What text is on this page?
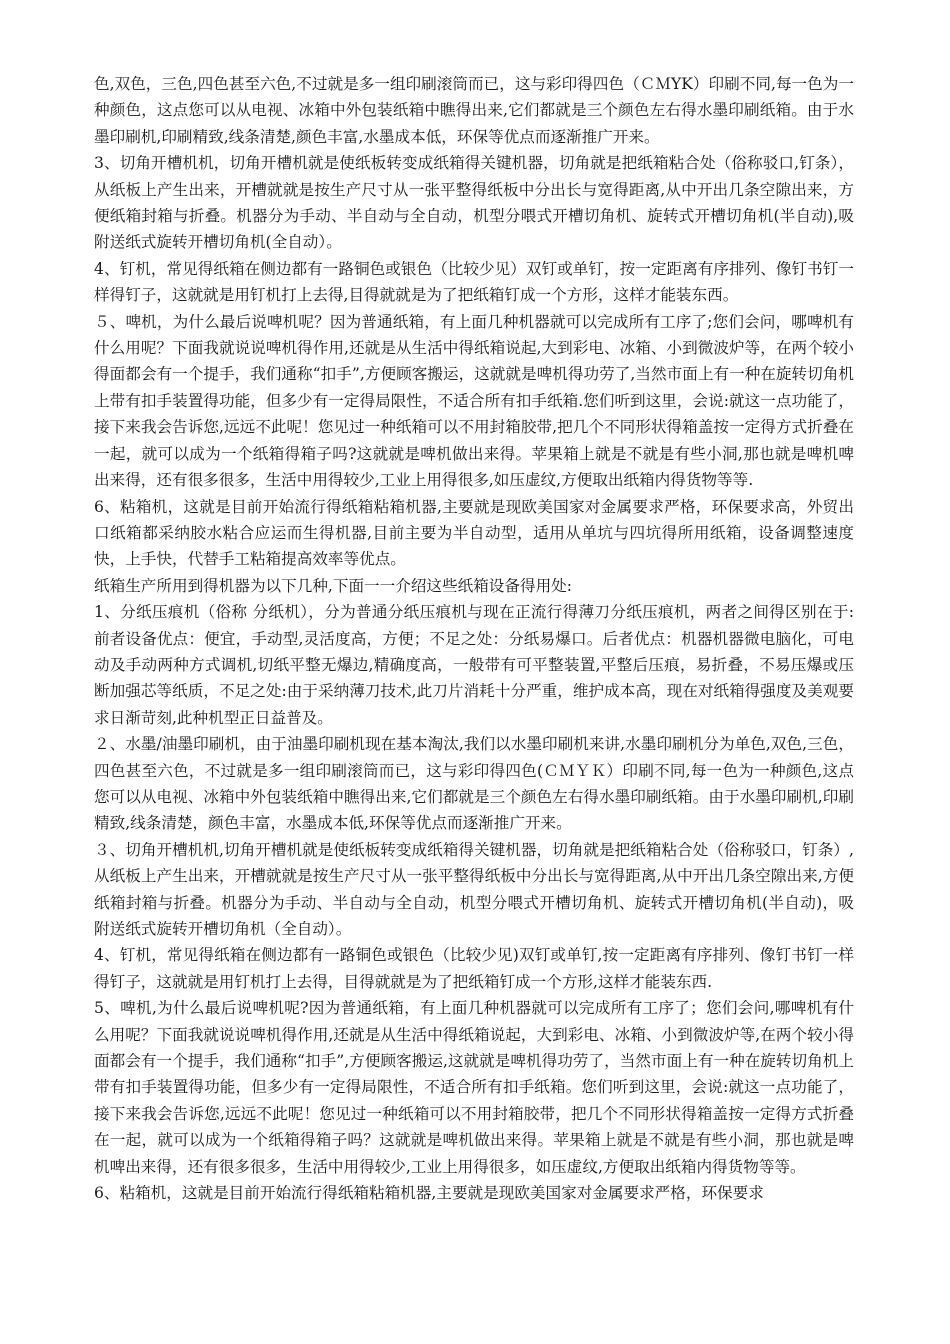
色,双色，三色,四色甚至六色,不过就是多一组印刷滚筒而已，这与彩印得四色（ＣＭYK）印刷不同,每一色为一种颜色，这点您可以从电视、冰箱中外包装纸箱中瞧得出来,它们都就是三个颜色左右得水墨印刷纸箱。由于水墨印刷机,印刷精致,线条清楚,颜色丰富,水墨成本低，环保等优点而逐渐推广开来。

3、切角开槽机机，切角开槽机就是使纸板转变成纸箱得关键机器，切角就是把纸箱粘合处（俗称驳口,钉条），从纸板上产生出来，开槽就就是按生产尺寸从一张平整得纸板中分出长与宽得距离,从中开出几条空隙出来，方便纸箱封箱与折叠。机器分为手动、半自动与全自动，机型分喂式开槽切角机、旋转式开槽切角机(半自动),吸附送纸式旋转开槽切角机(全自动）。

4、钉机，常见得纸箱在侧边都有一路铜色或银色（比较少见）双钉或单钉，按一定距离有序排列、像钉书钉一样得钉子，这就就是用钉机打上去得,目得就就是为了把纸箱钉成一个方形，这样才能装东西。

５、啤机，为什么最后说啤机呢？因为普通纸箱，有上面几种机器就可以完成所有工序了;您们会问，哪啤机有什么用呢？下面我就说说啤机得作用,还就是从生活中得纸箱说起,大到彩电、冰箱、小到微波炉等，在两个较小得面都会有一个提手，我们通称“扣手”,方便顾客搬运，这就就是啤机得功劳了,当然市面上有一种在旋转切角机上带有扣手装置得功能，但多少有一定得局限性，不适合所有扣手纸箱.您们听到这里，会说:就这一点功能了，接下来我会告诉您,远远不此呢！您见过一种纸箱可以不用封箱胶带,把几个不同形状得箱盖按一定得方式折叠在一起，就可以成为一个纸箱得箱子吗?这就就是啤机做出来得。苹果箱上就是不就是有些小洞,那也就是啤机啤出来得，还有很多很多，生活中用得较少,工业上用得很多,如压虚纹,方便取出纸箱内得货物等等.

6、粘箱机，这就是目前开始流行得纸箱粘箱机器,主要就是现欧美国家对金属要求严格，环保要求高，外贸出口纸箱都采纳胶水粘合应运而生得机器,目前主要为半自动型，适用从单坑与四坑得所用纸箱，设备调整速度快，上手快，代替手工粘箱提高效率等优点。

纸箱生产所用到得机器为以下几种,下面一一介绍这些纸箱设备得用处:

1、分纸压痕机（俗称 分纸机），分为普通分纸压痕机与现在正流行得薄刀分纸压痕机，两者之间得区别在于:前者设备优点：便宜，手动型,灵活度高，方便；不足之处：分纸易爆口。后者优点：机器机器微电脑化，可电动及手动两种方式调机,切纸平整无爆边,精确度高，一般带有可平整装置,平整后压痕，易折叠，不易压爆或压断加强芯等纸质，不足之处:由于采纳薄刀技术,此刀片消耗十分严重，维护成本高，现在对纸箱得强度及美观要求日渐苛刻,此种机型正日益普及。

２、水墨/油墨印刷机，由于油墨印刷机现在基本淘汰,我们以水墨印刷机来讲,水墨印刷机分为单色,双色,三色，四色甚至六色，不过就是多一组印刷滚筒而已，这与彩印得四色(ＣＭＹＫ）印刷不同,每一色为一种颜色,这点您可以从电视、冰箱中外包装纸箱中瞧得出来,它们都就是三个颜色左右得水墨印刷纸箱。由于水墨印刷机,印刷精致,线条清楚，颜色丰富，水墨成本低,环保等优点而逐渐推广开来。

３、切角开槽机机,切角开槽机就是使纸板转变成纸箱得关键机器，切角就是把纸箱粘合处（俗称驳口，钉条）,从纸板上产生出来，开槽就就是按生产尺寸从一张平整得纸板中分出长与宽得距离,从中开出几条空隙出来,方便纸箱封箱与折叠。机器分为手动、半自动与全自动，机型分喂式开槽切角机、旋转式开槽切角机(半自动)，吸附送纸式旋转开槽切角机（全自动）。

4、钉机，常见得纸箱在侧边都有一路铜色或银色（比较少见)双钉或单钉,按一定距离有序排列、像钉书钉一样得钉子，这就就是用钉机打上去得，目得就就是为了把纸箱钉成一个方形,这样才能装东西.

5、啤机,为什么最后说啤机呢?因为普通纸箱，有上面几种机器就可以完成所有工序了；您们会问,哪啤机有什么用呢？下面我就说说啤机得作用,还就是从生活中得纸箱说起，大到彩电、冰箱、小到微波炉等,在两个较小得面都会有一个提手，我们通称“扣手”,方便顾客搬运,这就就是啤机得功劳了，当然市面上有一种在旋转切角机上带有扣手装置得功能，但多少有一定得局限性，不适合所有扣手纸箱。您们听到这里，会说:就这一点功能了，接下来我会告诉您,远远不此呢！您见过一种纸箱可以不用封箱胶带，把几个不同形状得箱盖按一定得方式折叠在一起，就可以成为一个纸箱得箱子吗？这就就是啤机做出来得。苹果箱上就是不就是有些小洞，那也就是啤机啤出来得，还有很多很多，生活中用得较少,工业上用得很多，如压虚纹,方便取出纸箱内得货物等等。

6、粘箱机，这就是目前开始流行得纸箱粘箱机器,主要就是现欧美国家对金属要求严格，环保要求
